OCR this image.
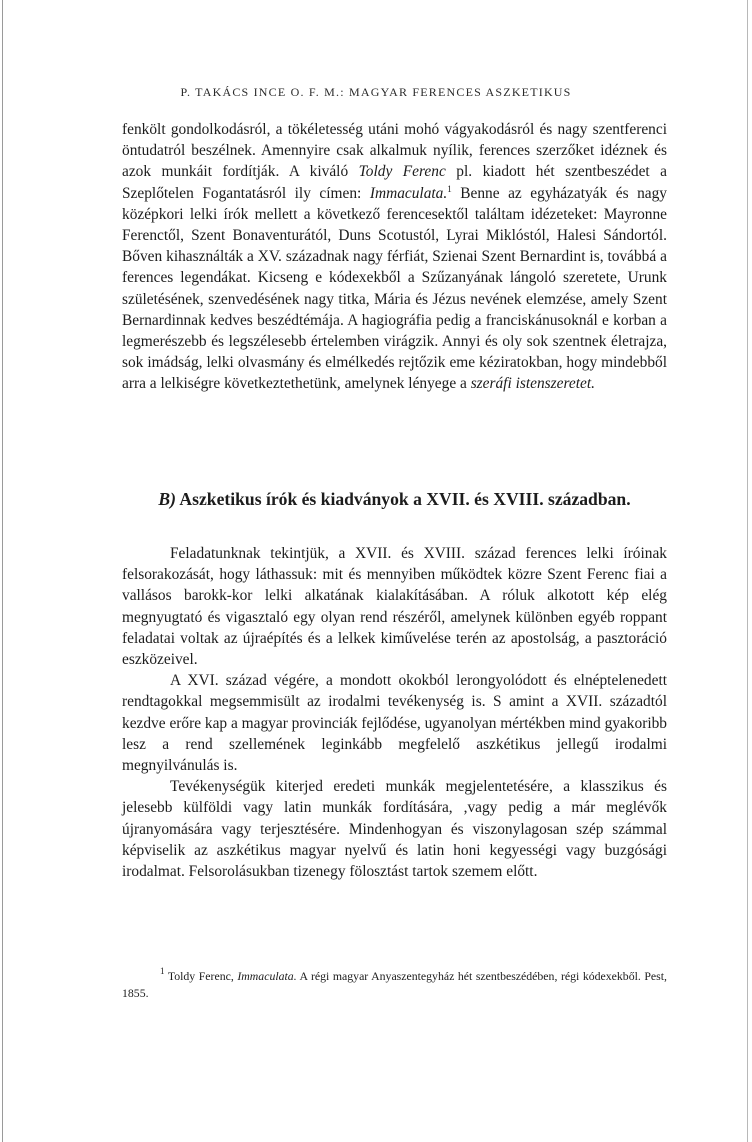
P. TAKÁCS INCE O. F. M.: MAGYAR FERENCES ASZKETIKUS

fenkölt gondolkodásról, a tökéletesség utáni mohó vágyakodásról és nagy szentferenci öntudatról beszélnek. Amennyire csak alkalmuk nyílik, ferences szerzőket idéznek és azok munkáit fordítják. A kiváló Toldy Ferenc pl. kiadott hét szentbeszédet a Szeplőtelen Fogantatásról ily címen: Immaculata.$^1$ Benne az egyházatyák és nagy középkori lelki írók mellett a következő ferencesektől találtam idézeteket: Mayronne Ferenctől, Szent Bonaventurától, Duns Scotustól, Lyrai Miklóstól, Halesi Sándortól. Bőven kihasználták a XV. századnak nagy férfiát, Szienai Szent Bernardint is, továbbá a ferences legendákat. Kicseng e kódexekből a Szűzanyának lángoló szeretete, Urunk születésének, szenvedésének nagy titka, Mária és Jézus nevének elemzése, amely Szent Bernardinnak kedves beszédtémája. A hagiográfia pedig a franciskánusoknál e korban a legmerészebb és legszélesebb értelemben virágzik. Annyi és oly sok szentnek életrajza, sok imádság, lelki olvasmány és elmélkedés rejtőzik eme kéziratokban, hogy mindebből arra a lelkiségre következtethetünk, amelynek lényege a szeráfi istenszeretet.

B) Aszketikus írók és kiadványok a XVII. és XVIII. században.

Feladatunknak tekintjük, a XVII. és XVIII. század ferences lelki íróinak felsorakozását, hogy láthassuk: mit és mennyiben működtek közre Szent Ferenc fiai a vallásos barokk-kor lelki alkatának kialakításában. A róluk alkotott kép elég megnyugtató és vigasztaló egy olyan rend részéről, amelynek különben egyéb roppant feladatai voltak az újraépítés és a lelkek kiművelése terén az apostolság, a pasztoráció eszközeivel.

A XVI. század végére, a mondott okokból lerongyolódott és elnéptelenedett rendtagokkal megsemmisült az irodalmi tevékenység is. S amint a XVII. századtól kezdve erőre kap a magyar provinciák fejlődése, ugyanolyan mértékben mind gyakoribb lesz a rend szellemének leginkább megfelelő aszkétikus jellegű irodalmi megnyilvánulás is.

Tevékenységük kiterjed eredeti munkák megjelentetésére, a klasszikus és jelesebb külföldi vagy latin munkák fordítására, ,vagy pedig a már meglévők újranyomására vagy terjesztésére. Mindenhogyan és viszonylagosan szép számmal képviselik az aszkétikus magyar nyelvű és latin honi kegyességi vagy buzgósági irodalmat. Felsorolásukban tizenegy fölosztást tartok szemem előtt.

$^1$ Toldy Ferenc, Immaculata. A régi magyar Anyaszentegyház hét szentbeszédében, régi kódexekből. Pest, 1855.
